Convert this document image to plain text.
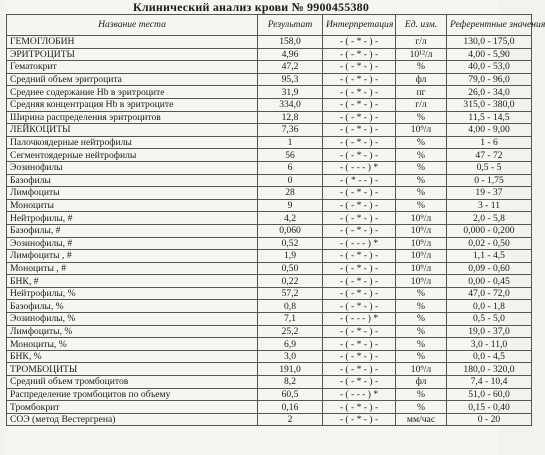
Клинический анализ крови № 9900455380
Название теста	Результат	Интерпретация	Ед. изм.	Референтные значения
ГЕМОГЛОБИН	158,0	- ( - * - ) -	г/л	130,0 - 175,0
ЭРИТРОЦИТЫ	4,96	- ( - * - ) -	10¹²/л	4,00 - 5,90
Гематокрит	47,2	- ( - * - ) -	%	40,0 - 53,0
Средний объем эритроцита	95,3	- ( - * - ) -	фл	79,0 - 96,0
Среднее содержание Hb в эритроците	31,9	- ( - * - ) -	пг	26,0 - 34,0
Средняя концентрация Hb в эритроците	334,0	- ( - * - ) -	г/л	315,0 - 380,0
Ширина распределения эритроцитов	12,8	- ( - * - ) -	%	11,5 - 14,5
ЛЕЙКОЦИТЫ	7,36	- ( - * - ) -	10⁹/л	4,00 - 9,00
Палочкоядерные нейтрофилы	1	- ( - * - ) -	%	1 - 6
Сегментоядерные нейтрофилы	56	- ( - * - ) -	%	47 - 72
Эозинофилы	6	- ( - - - ) *	%	0,5 - 5
Базофилы	0	- ( * - - ) -	%	0 - 1,75
Лимфоциты	28	- ( - * - ) -	%	19 - 37
Моноциты	9	- ( - * - ) -	%	3 - 11
Нейтрофилы, #	4,2	- ( - * - ) -	10⁹/л	2,0 - 5,8
Базофилы, #	0,060	- ( - * - ) -	10⁹/л	0,000 - 0,200
Эозинофилы, #	0,52	- ( - - - ) *	10⁹/л	0,02 - 0,50
Лимфоциты , #	1,9	- ( - * - ) -	10⁹/л	1,1 - 4,5
Моноциты , #	0,50	- ( - * - ) -	10⁹/л	0,09 - 0,60
БНК, #	0,22	- ( - * - ) -	10⁹/л	0,00 - 0,45
Нейтрофилы, %	57,2	- ( - * - ) -	%	47,0 - 72,0
Базофилы, %	0,8	- ( - * - ) -	%	0,0 - 1,8
Эозинофилы, %	7,1	- ( - - - ) *	%	0,5 - 5,0
Лимфоциты, %	25,2	- ( - * - ) -	%	19,0 - 37,0
Моноциты, %	6,9	- ( - * - ) -	%	3,0 - 11,0
БНК, %	3,0	- ( - * - ) -	%	0,0 - 4,5
ТРОМБОЦИТЫ	191,0	- ( - * - ) -	10⁹/л	180,0 - 320,0
Средний объем тромбоцитов	8,2	- ( - * - ) -	фл	7,4 - 10,4
Распределение тромбоцитов по объему	60,5	- ( - - - ) *	%	51,0 - 60,0
Тромбокрит	0,16	- ( - * - ) -	%	0,15 - 0,40
СОЭ (метод Вестергрена)	2	- ( - * - ) -	мм/час	0 - 20
